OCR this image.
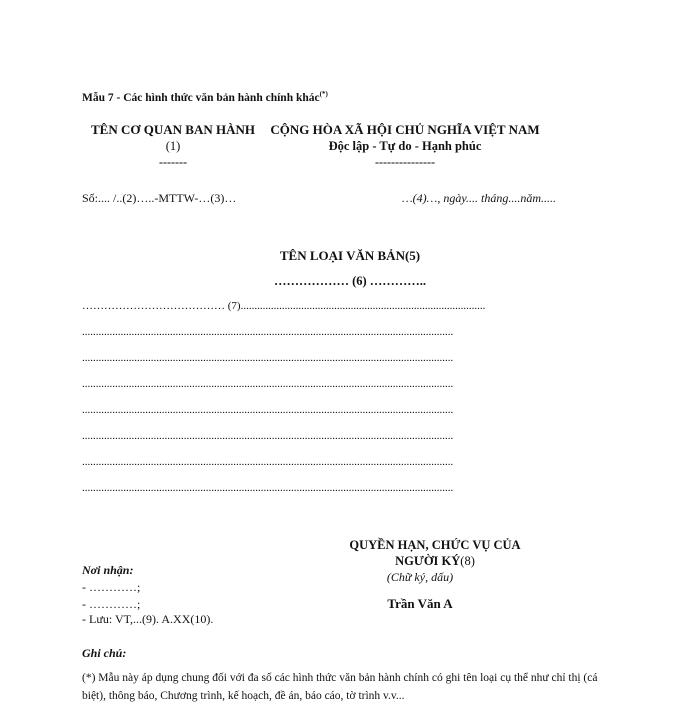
Mẫu 7 - Các hình thức văn bản hành chính khác(*)
TÊN CƠ QUAN BAN HÀNH
(1)
-------
CỘNG HÒA XÃ HỘI CHỦ NGHĨA VIỆT NAM
Độc lập - Tự do - Hạnh phúc
---------------
Số:.... /..(2)…..-MTTW-…(3)…	…(4)…, ngày.... tháng....năm.....
TÊN LOẠI VĂN BẢN(5)
……………… (6) …………..
………………………………… (7).........................................................................................
.......................................................................................................................................
.......................................................................................................................................
.......................................................................................................................................
.......................................................................................................................................
.......................................................................................................................................
.......................................................................................................................................
.......................................................................................................................................
QUYỀN HẠN, CHỨC VỤ CỦA NGƯỜI KÝ(8)
(Chữ ký, dấu)
Trần Văn A
Nơi nhận:
- …………;
- …………;
- Lưu: VT,...(9). A.XX(10).
Ghi chú:
(*) Mẫu này áp dụng chung đối với đa số các hình thức văn bản hành chính có ghi tên loại cụ thể như chỉ thị (cá biệt), thông báo, Chương trình, kế hoạch, đề án, báo cáo, tờ trình v.v...
